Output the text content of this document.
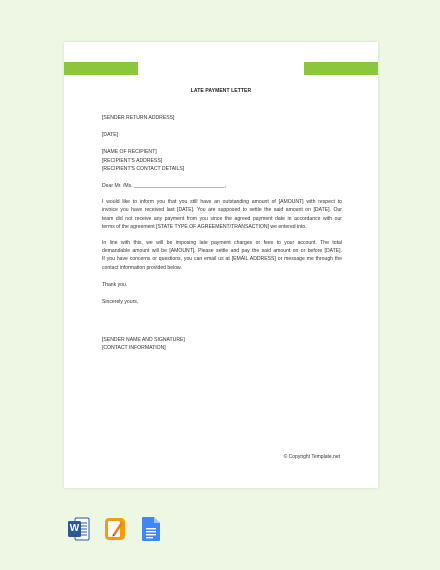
LATE PAYMENT LETTER
[SENDER RETURN ADDRESS]
[DATE]
[NAME OF RECIPIENT]
[RECIPIENT'S ADDRESS]
[RECIPIENT'S CONTACT DETAILS]
Dear Mr. /Ms. ________________________________,
I would like to inform you that you still have an outstanding amount of [AMOUNT] with respect to
invoice you have received last [DATE]. You are supposed to settle the said amount on [DATE]. Our
team did not receive any payment from you since the agreed payment date in accordance with our
terms of the agreement [STATE TYPE OF AGREEMENT/TRANSACTION] we entered into.
In line with this, we will be imposing late payment charges or fees to your account. The total
demandable amount will be [AMOUNT]. Please settle and pay the said amount on or before [DATE].
If you have concerns or questions, you can email us at [EMAIL ADDRESS] or message me through the
contact information provided below.
Thank you.
Sincerely yours,
[SENDER NAME AND SIGNATURE]
[CONTACT INFORMATION]
© Copyright Template.net
W
